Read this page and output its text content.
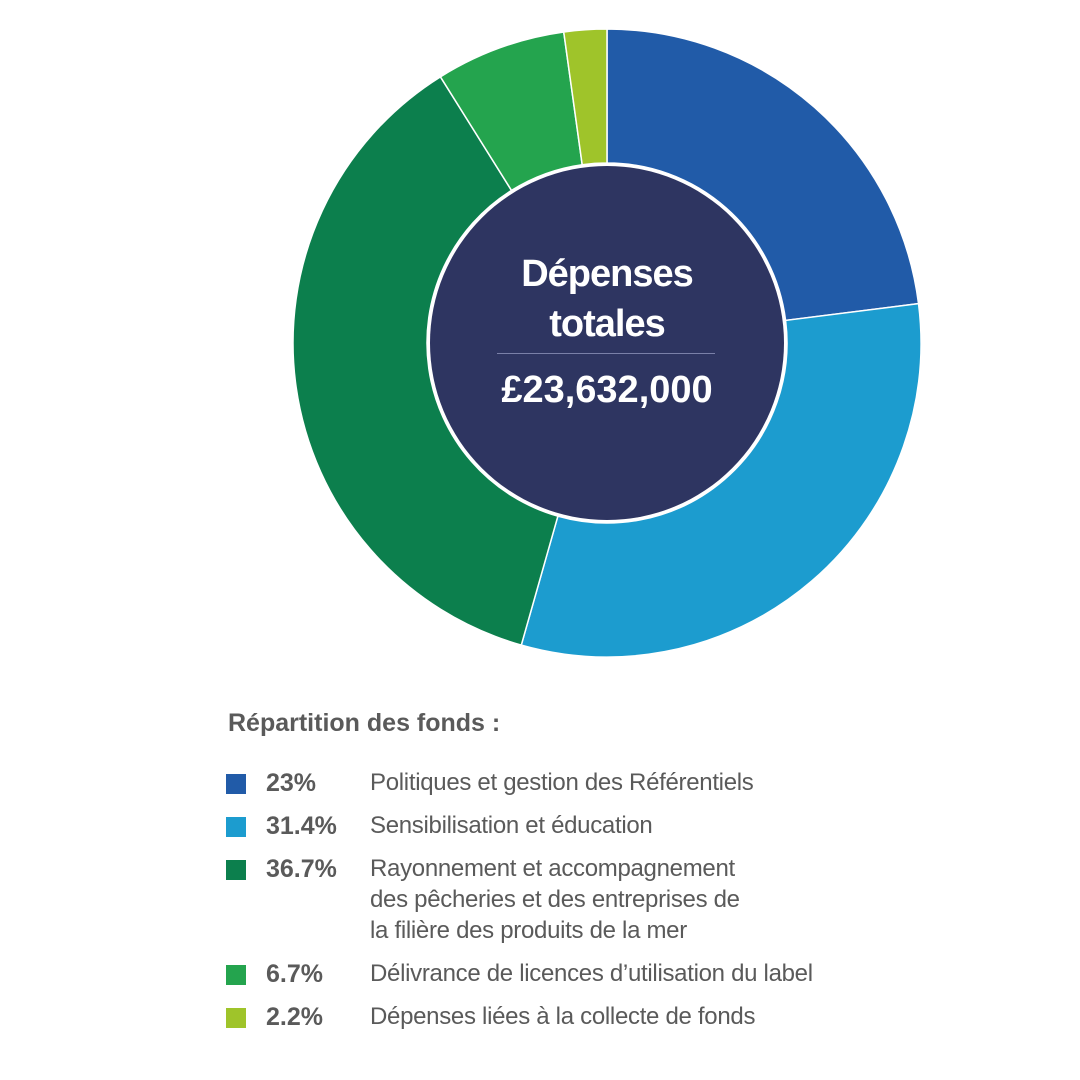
Dépenses
totales
£23,632,000
Répartition des fonds :
23% Politiques et gestion des Référentiels
31.4% Sensibilisation et éducation
36.7% Rayonnement et accompagnement
des pêcheries et des entreprises de
la filière des produits de la mer
6.7% Délivrance de licences d’utilisation du label
2.2% Dépenses liées à la collecte de fonds
